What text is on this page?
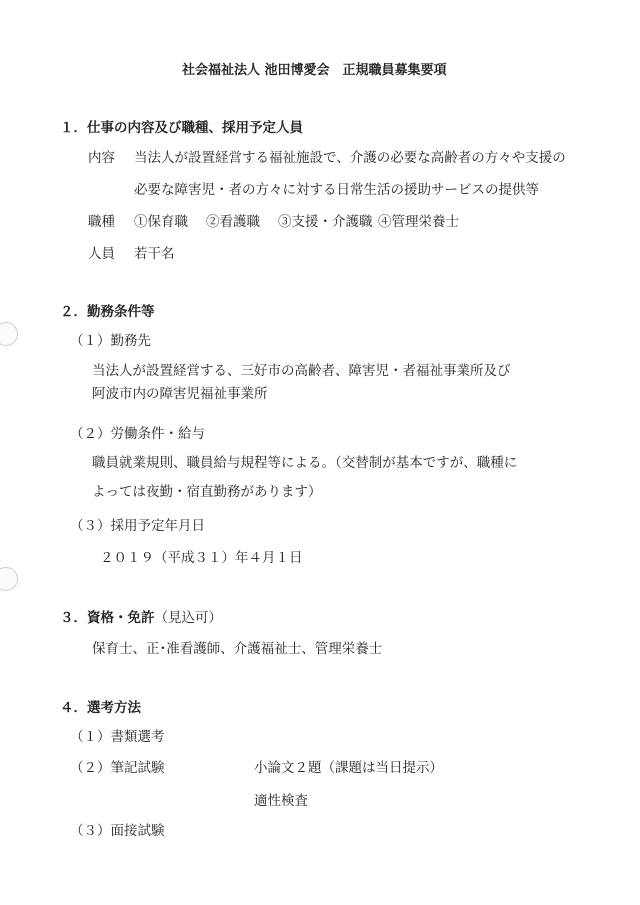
社会福祉法人 池田博愛会　正規職員募集要項
１．仕事の内容及び職種、採用予定人員
内容 当法人が設置経営する福祉施設で、介護の必要な高齢者の方々や支援の
必要な障害児・者の方々に対する日常生活の援助サービスの提供等
職種 ①保育職 ②看護職 ③支援・介護職 ④管理栄養士
人員 若干名
２．勤務条件等
（１）勤務先
当法人が設置経営する、三好市の高齢者、障害児・者福祉事業所及び
阿波市内の障害児福祉事業所
（２）労働条件・給与
職員就業規則、職員給与規程等による。（交替制が基本ですが、職種に
よっては夜勤・宿直勤務があります）
（３）採用予定年月日
２０１９（平成３１）年４月１日
３．資格・免許（見込可）
保育士、正･准看護師、介護福祉士、管理栄養士
４．選考方法
（１）書類選考
（２）筆記試験	小論文２題（課題は当日提示）
適性検査
（３）面接試験
